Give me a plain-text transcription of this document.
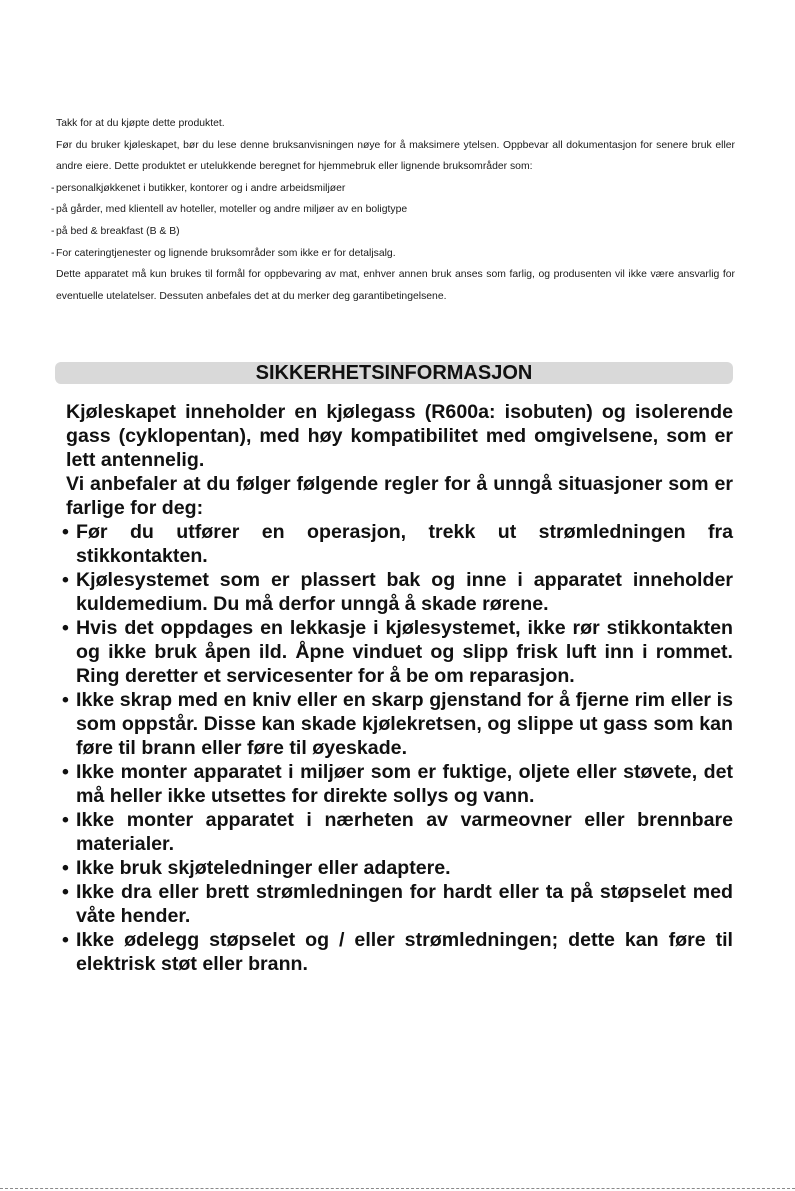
Takk for at du kjøpte dette produktet.

Før du bruker kjøleskapet, bør du lese denne bruksanvisningen nøye for å maksimere ytelsen. Oppbevar all dokumentasjon for senere bruk eller andre eiere. Dette produktet er utelukkende beregnet for hjemmebruk eller lignende bruksområder som:

- personalkjøkkenet i butikker, kontorer og i andre arbeidsmiljøer

- på gårder, med klientell av hoteller, moteller og andre miljøer av en boligtype

- på bed & breakfast (B & B)

- For cateringtjenester og lignende bruksområder som ikke er for detaljsalg.

Dette apparatet må kun brukes til formål for oppbevaring av mat, enhver annen bruk anses som farlig, og produsenten vil ikke være ansvarlig for eventuelle utelatelser. Dessuten anbefales det at du merker deg garantibetingelsene.

SIKKERHETSINFORMASJON

Kjøleskapet inneholder en kjølegass (R600a: isobuten) og isolerende gass (cyklopentan), med høy kompatibilitet med omgivelsene, som er lett antennelig.

Vi anbefaler at du følger følgende regler for å unngå situasjoner som er farlige for deg:

• Før du utfører en operasjon, trekk ut strømledningen fra stikkontakten.

• Kjølesystemet som er plassert bak og inne i apparatet inneholder kuldemedium. Du må derfor unngå å skade rørene.

• Hvis det oppdages en lekkasje i kjølesystemet, ikke rør stikkontakten og ikke bruk åpen ild. Åpne vinduet og slipp frisk luft inn i rommet. Ring deretter et servicesenter for å be om reparasjon.

• Ikke skrap med en kniv eller en skarp gjenstand for å fjerne rim eller is som oppstår. Disse kan skade kjølekretsen, og slippe ut gass som kan føre til brann eller føre til øyeskade.

• Ikke monter apparatet i miljøer som er fuktige, oljete eller støvete, det må heller ikke utsettes for direkte sollys og vann.

• Ikke monter apparatet i nærheten av varmeovner eller brennbare materialer.

• Ikke bruk skjøteledninger eller adaptere.

• Ikke dra eller brett strømledningen for hardt eller ta på støpselet med våte hender.

• Ikke ødelegg støpselet og / eller strømledningen; dette kan føre til elektrisk støt eller brann.
